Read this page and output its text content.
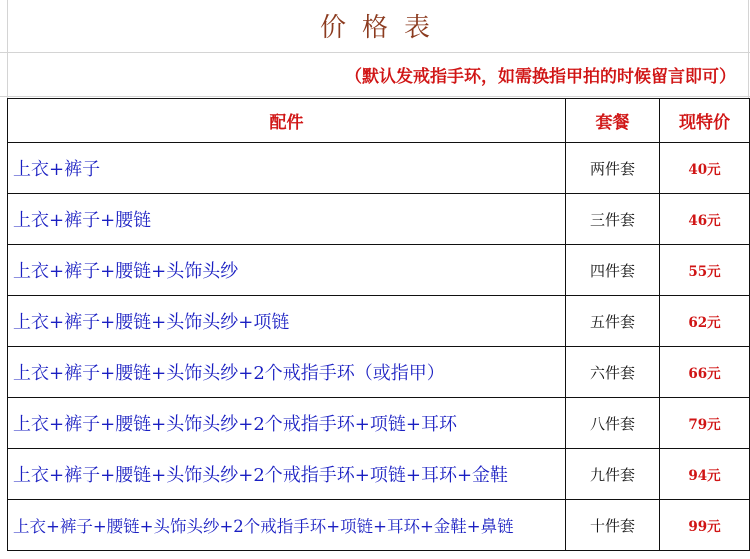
价格表
（默认发戒指手环，如需换指甲拍的时候留言即可）
配件	套餐	现特价
上衣+裤子	两件套	40元
上衣+裤子+腰链	三件套	46元
上衣+裤子+腰链+头饰头纱	四件套	55元
上衣+裤子+腰链+头饰头纱+项链	五件套	62元
上衣+裤子+腰链+头饰头纱+2个戒指手环（或指甲）	六件套	66元
上衣+裤子+腰链+头饰头纱+2个戒指手环+项链+耳环	八件套	79元
上衣+裤子+腰链+头饰头纱+2个戒指手环+项链+耳环+金鞋	九件套	94元
上衣+裤子+腰链+头饰头纱+2个戒指手环+项链+耳环+金鞋+鼻链	十件套	99元
